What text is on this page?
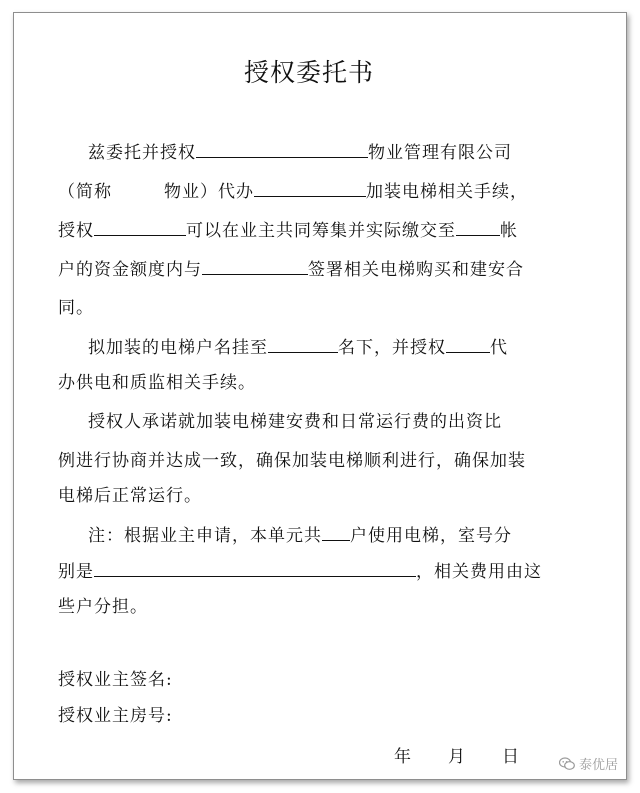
授权委托书
兹委托并授权	物业管理有限公司
（简称	物业）代办	加装电梯相关手续，
授权	可以在业主共同筹集并实际缴交至	帐
户的资金额度内与	签署相关电梯购买和建安合
同。
拟加装的电梯户名挂至	名下，并授权	代
办供电和质监相关手续。
授权人承诺就加装电梯建安费和日常运行费的出资比
例进行协商并达成一致，确保加装电梯顺利进行，确保加装
电梯后正常运行。
注：根据业主申请，本单元共 户使用电梯，室号分
别是	，相关费用由这
些户分担。
授权业主签名:
授权业主房号:
年 月 日	泰优居
